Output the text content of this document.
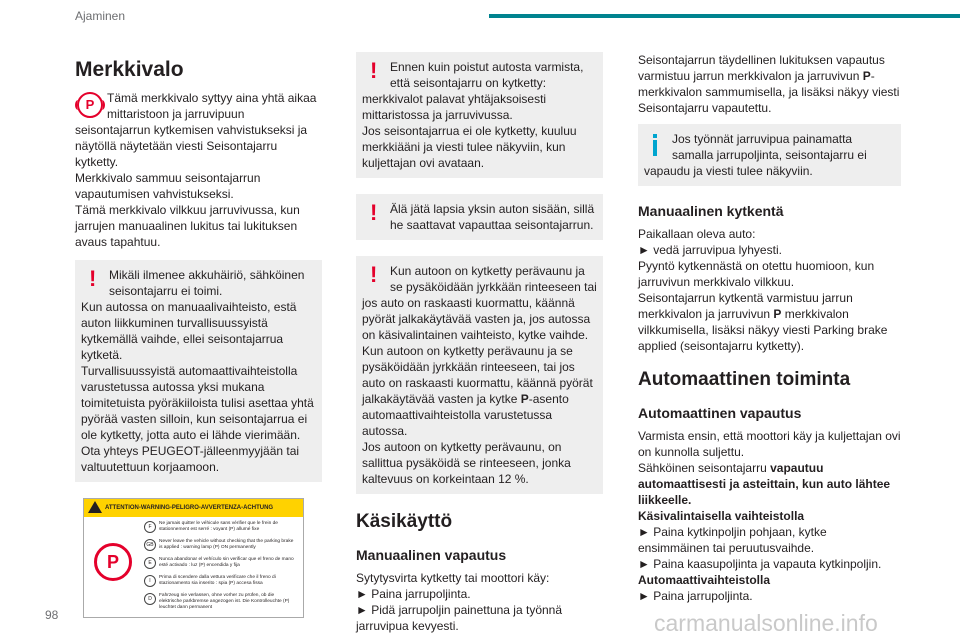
Ajaminen
Merkkivalo
P	Tämä merkkivalo syttyy aina yhtä aikaa mittaristoon ja jarruvipuun seisontajarrun kytkemisen vahvistukseksi ja näytöllä näytetään viesti Seisontajarru kytketty.

Merkkivalo sammuu seisontajarrun vapautumisen vahvistukseksi.

Tämä merkkivalo vilkkuu jarruvivussa, kun jarrujen manuaalinen lukitus tai lukituksen avaus tapahtuu.

!	Mikäli ilmenee akkuhäiriö, sähköinen seisontajarru ei toimi.

Kun autossa on manuaalivaihteisto, estä auton liikkuminen turvallisuussyistä kytkemällä vaihde, ellei seisontajarrua kytketä.

Turvallisuussyistä automaattivaihteistolla varustetussa autossa yksi mukana toimitetuista pyöräkiiloista tulisi asettaa yhtä pyörää vasten silloin, kun seisontajarrua ei ole kytketty, jotta auto ei lähde vierimään.

Ota yhteys PEUGEOT-jälleenmyyjään tai valtuutettuun korjaamoon.

ATTENTION-WARNING-PELIGRO-AVVERTENZA-ACHTUNG
P
FNe jamais quitter le véhicule sans vérifier que le frein de stationnement est serré : voyant (P) allumé fixe
GBNever leave the vehicle without checking that the parking brake is applied : warning lamp (P) ON permanently
ENunca abandonar el vehículo sin verificar que el freno de mano esté activado : luz (P) encendida y fija
IPrima di scendere dalla vettura verificare che il freno di stazionamento sia inserito : spia (P) accesa fissa
DFahrzeug nie verlassen, ohne vorher zu prüfen, ob die elektrische parkbremse angezogen ist. Die Kontrolleuchte (P) leuchtet dann permanent
!	Ennen kuin poistut autosta varmista, että seisontajarru on kytketty: merkkivalot palavat yhtäjaksoisesti mittaristossa ja jarruvivussa.

Jos seisontajarrua ei ole kytketty, kuuluu merkkiääni ja viesti tulee näkyviin, kun kuljettajan ovi avataan.

!	Älä jätä lapsia yksin auton sisään, sillä he saattavat vapauttaa seisontajarrun.

!	Kun autoon on kytketty perävaunu ja se pysäköidään jyrkkään rinteeseen tai jos auto on raskaasti kuormattu, käännä pyörät jalkakäytävää vasten ja, jos autossa on käsivalintainen vaihteisto, kytke vaihde.

Kun autoon on kytketty perävaunu ja se pysäköidään jyrkkään rinteeseen, tai jos auto on raskaasti kuormattu, käännä pyörät jalkakäytävää vasten ja kytke P-asento automaattivaihteistolla varustetussa autossa.

Jos autoon on kytketty perävaunu, on sallittua pysäköidä se rinteeseen, jonka kaltevuus on korkeintaan 12 %.

Käsikäyttö
Manuaalinen vapautus

Sytytysvirta kytketty tai moottori käy:

► Paina jarrupoljinta.

► Pidä jarrupoljin painettuna ja työnnä jarruvipua kevyesti.

Seisontajarrun täydellinen lukituksen vapautus varmistuu jarrun merkkivalon ja jarruvivun P-merkkivalon sammumisella, ja lisäksi näkyy viesti Seisontajarru vapautettu.

Jos työnnät jarruvipua painamatta samalla jarrupoljinta, seisontajarru ei vapaudu ja viesti tulee näkyviin.

Manuaalinen kytkentä

Paikallaan oleva auto:

► vedä jarruvipua lyhyesti.

Pyyntö kytkennästä on otettu huomioon, kun jarruvivun merkkivalo vilkkuu.

Seisontajarrun kytkentä varmistuu jarrun merkkivalon ja jarruvivun P merkkivalon vilkkumisella, lisäksi näkyy viesti Parking brake applied (seisontajarru kytketty).

Automaattinen toiminta
Automaattinen vapautus

Varmista ensin, että moottori käy ja kuljettajan ovi on kunnolla suljettu.

Sähköinen seisontajarru vapautuu automaattisesti ja asteittain, kun auto lähtee liikkeelle.

Käsivalintaisella vaihteistolla

► Paina kytkinpoljin pohjaan, kytke ensimmäinen tai peruutusvaihde.

► Paina kaasupoljinta ja vapauta kytkinpoljin.

Automaattivaihteistolla

► Paina jarrupoljinta.

98	carmanualsonline.info
